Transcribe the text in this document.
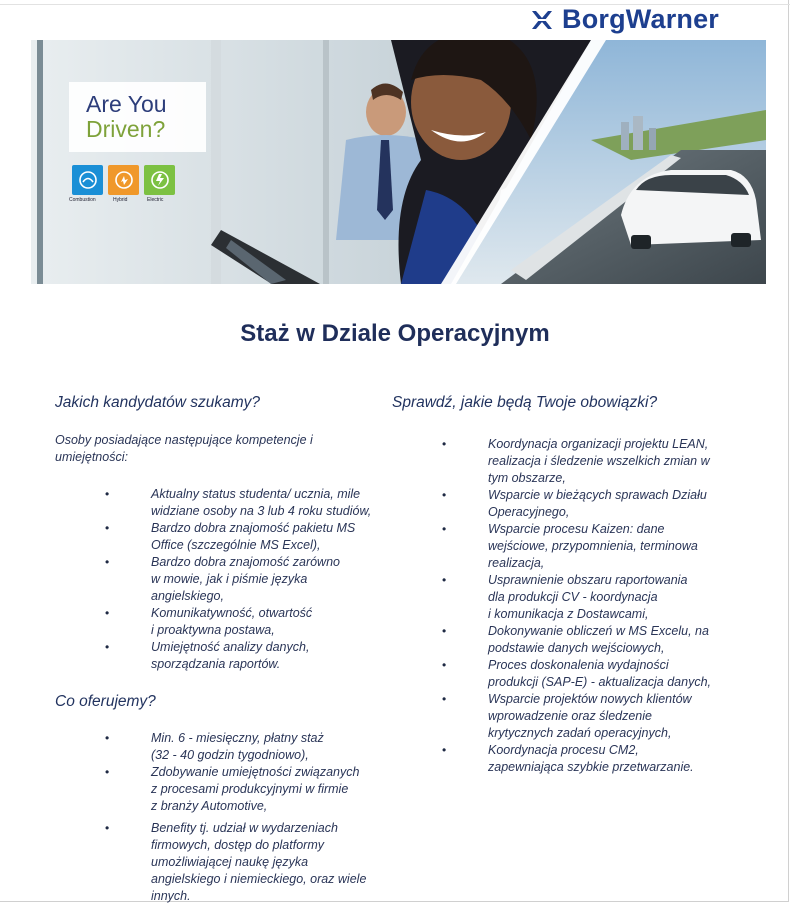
BorgWarner
Are You
Driven?
Combustion	Hybrid	Electric
Staż w Dziale Operacyjnym
Jakich kandydatów szukamy?
Osoby posiadające następujące kompetencje i
umiejętności:
•	Aktualny status studenta/ ucznia, mile
widziane osoby na 3 lub 4 roku studiów,
•	Bardzo dobra znajomość pakietu MS
Office (szczególnie MS Excel),
•	Bardzo dobra znajomość zarówno
w mowie, jak i piśmie języka
angielskiego,
•	Komunikatywność, otwartość
i proaktywna postawa,
•	Umiejętność analizy danych,
sporządzania raportów.
Co oferujemy?
•	Min. 6 - miesięczny, płatny staż
(32 - 40 godzin tygodniowo),
•	Zdobywanie umiejętności związanych
z procesami produkcyjnymi w firmie
z branży Automotive,
•	Benefity tj. udział w wydarzeniach
firmowych, dostęp do platformy
umożliwiającej naukę języka
angielskiego i niemieckiego, oraz wiele
innych.
Sprawdź, jakie będą Twoje obowiązki?
•	Koordynacja organizacji projektu LEAN,
realizacja i śledzenie wszelkich zmian w
tym obszarze,
•	Wsparcie w bieżących sprawach Działu
Operacyjnego,
•	Wsparcie procesu Kaizen: dane
wejściowe, przypomnienia, terminowa
realizacja,
•	Usprawnienie obszaru raportowania
dla produkcji CV - koordynacja
i komunikacja z Dostawcami,
•	Dokonywanie obliczeń w MS Excelu, na
podstawie danych wejściowych,
•	Proces doskonalenia wydajności
produkcji (SAP-E) - aktualizacja danych,
•	Wsparcie projektów nowych klientów
wprowadzenie oraz śledzenie
krytycznych zadań operacyjnych,
•	Koordynacja procesu CM2,
zapewniająca szybkie przetwarzanie.
